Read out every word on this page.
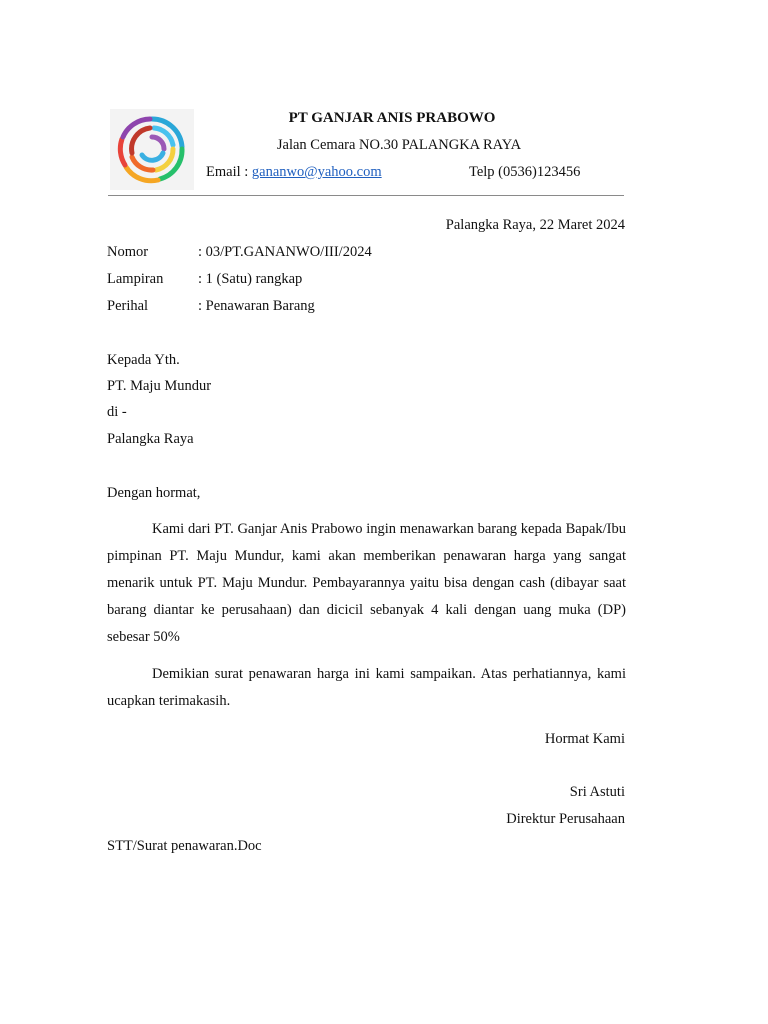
PT GANJAR ANIS PRABOWO
Jalan Cemara NO.30 PALANGKA RAYA
Email : gananwo@yahoo.com	Telp (0536)123456
Palangka Raya, 22 Maret 2024
Nomor	: 03/PT.GANANWO/III/2024
Lampiran : 1 (Satu) rangkap
Perihal	: Penawaran Barang
Kepada Yth.
PT. Maju Mundur
di -
Palangka Raya
Dengan hormat,
Kami dari PT. Ganjar Anis Prabowo ingin menawarkan barang kepada Bapak/Ibu pimpinan PT. Maju Mundur, kami akan memberikan penawaran harga yang sangat menarik untuk PT. Maju Mundur. Pembayarannya yaitu bisa dengan cash (dibayar saat barang diantar ke perusahaan) dan dicicil sebanyak 4 kali dengan uang muka (DP) sebesar 50%
Demikian surat penawaran harga ini kami sampaikan. Atas perhatiannya, kami ucapkan terimakasih.
Hormat Kami
Sri Astuti
Direktur Perusahaan
STT/Surat penawaran.Doc
